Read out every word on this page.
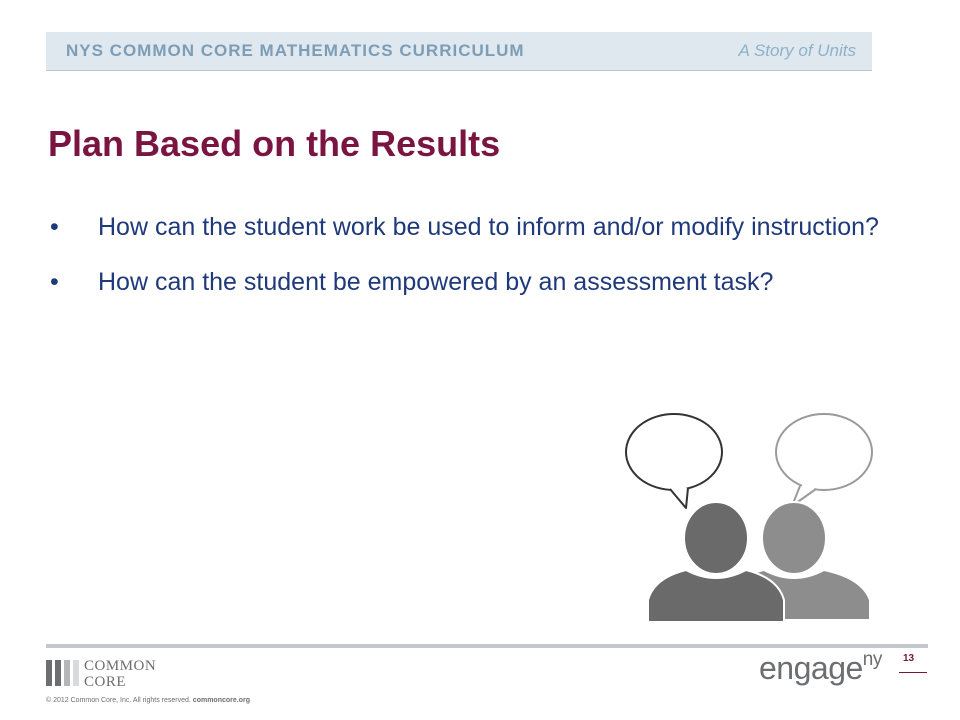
NYS COMMON CORE MATHEMATICS CURRICULUM	A Story of Units
Plan Based on the Results
• How can the student work be used to inform and/or modify instruction?
• How can the student be empowered by an assessment task?
COMMON
CORE
© 2012 Common Core, Inc. All rights reserved. commoncore.org
engage$^{ny}$ 13
